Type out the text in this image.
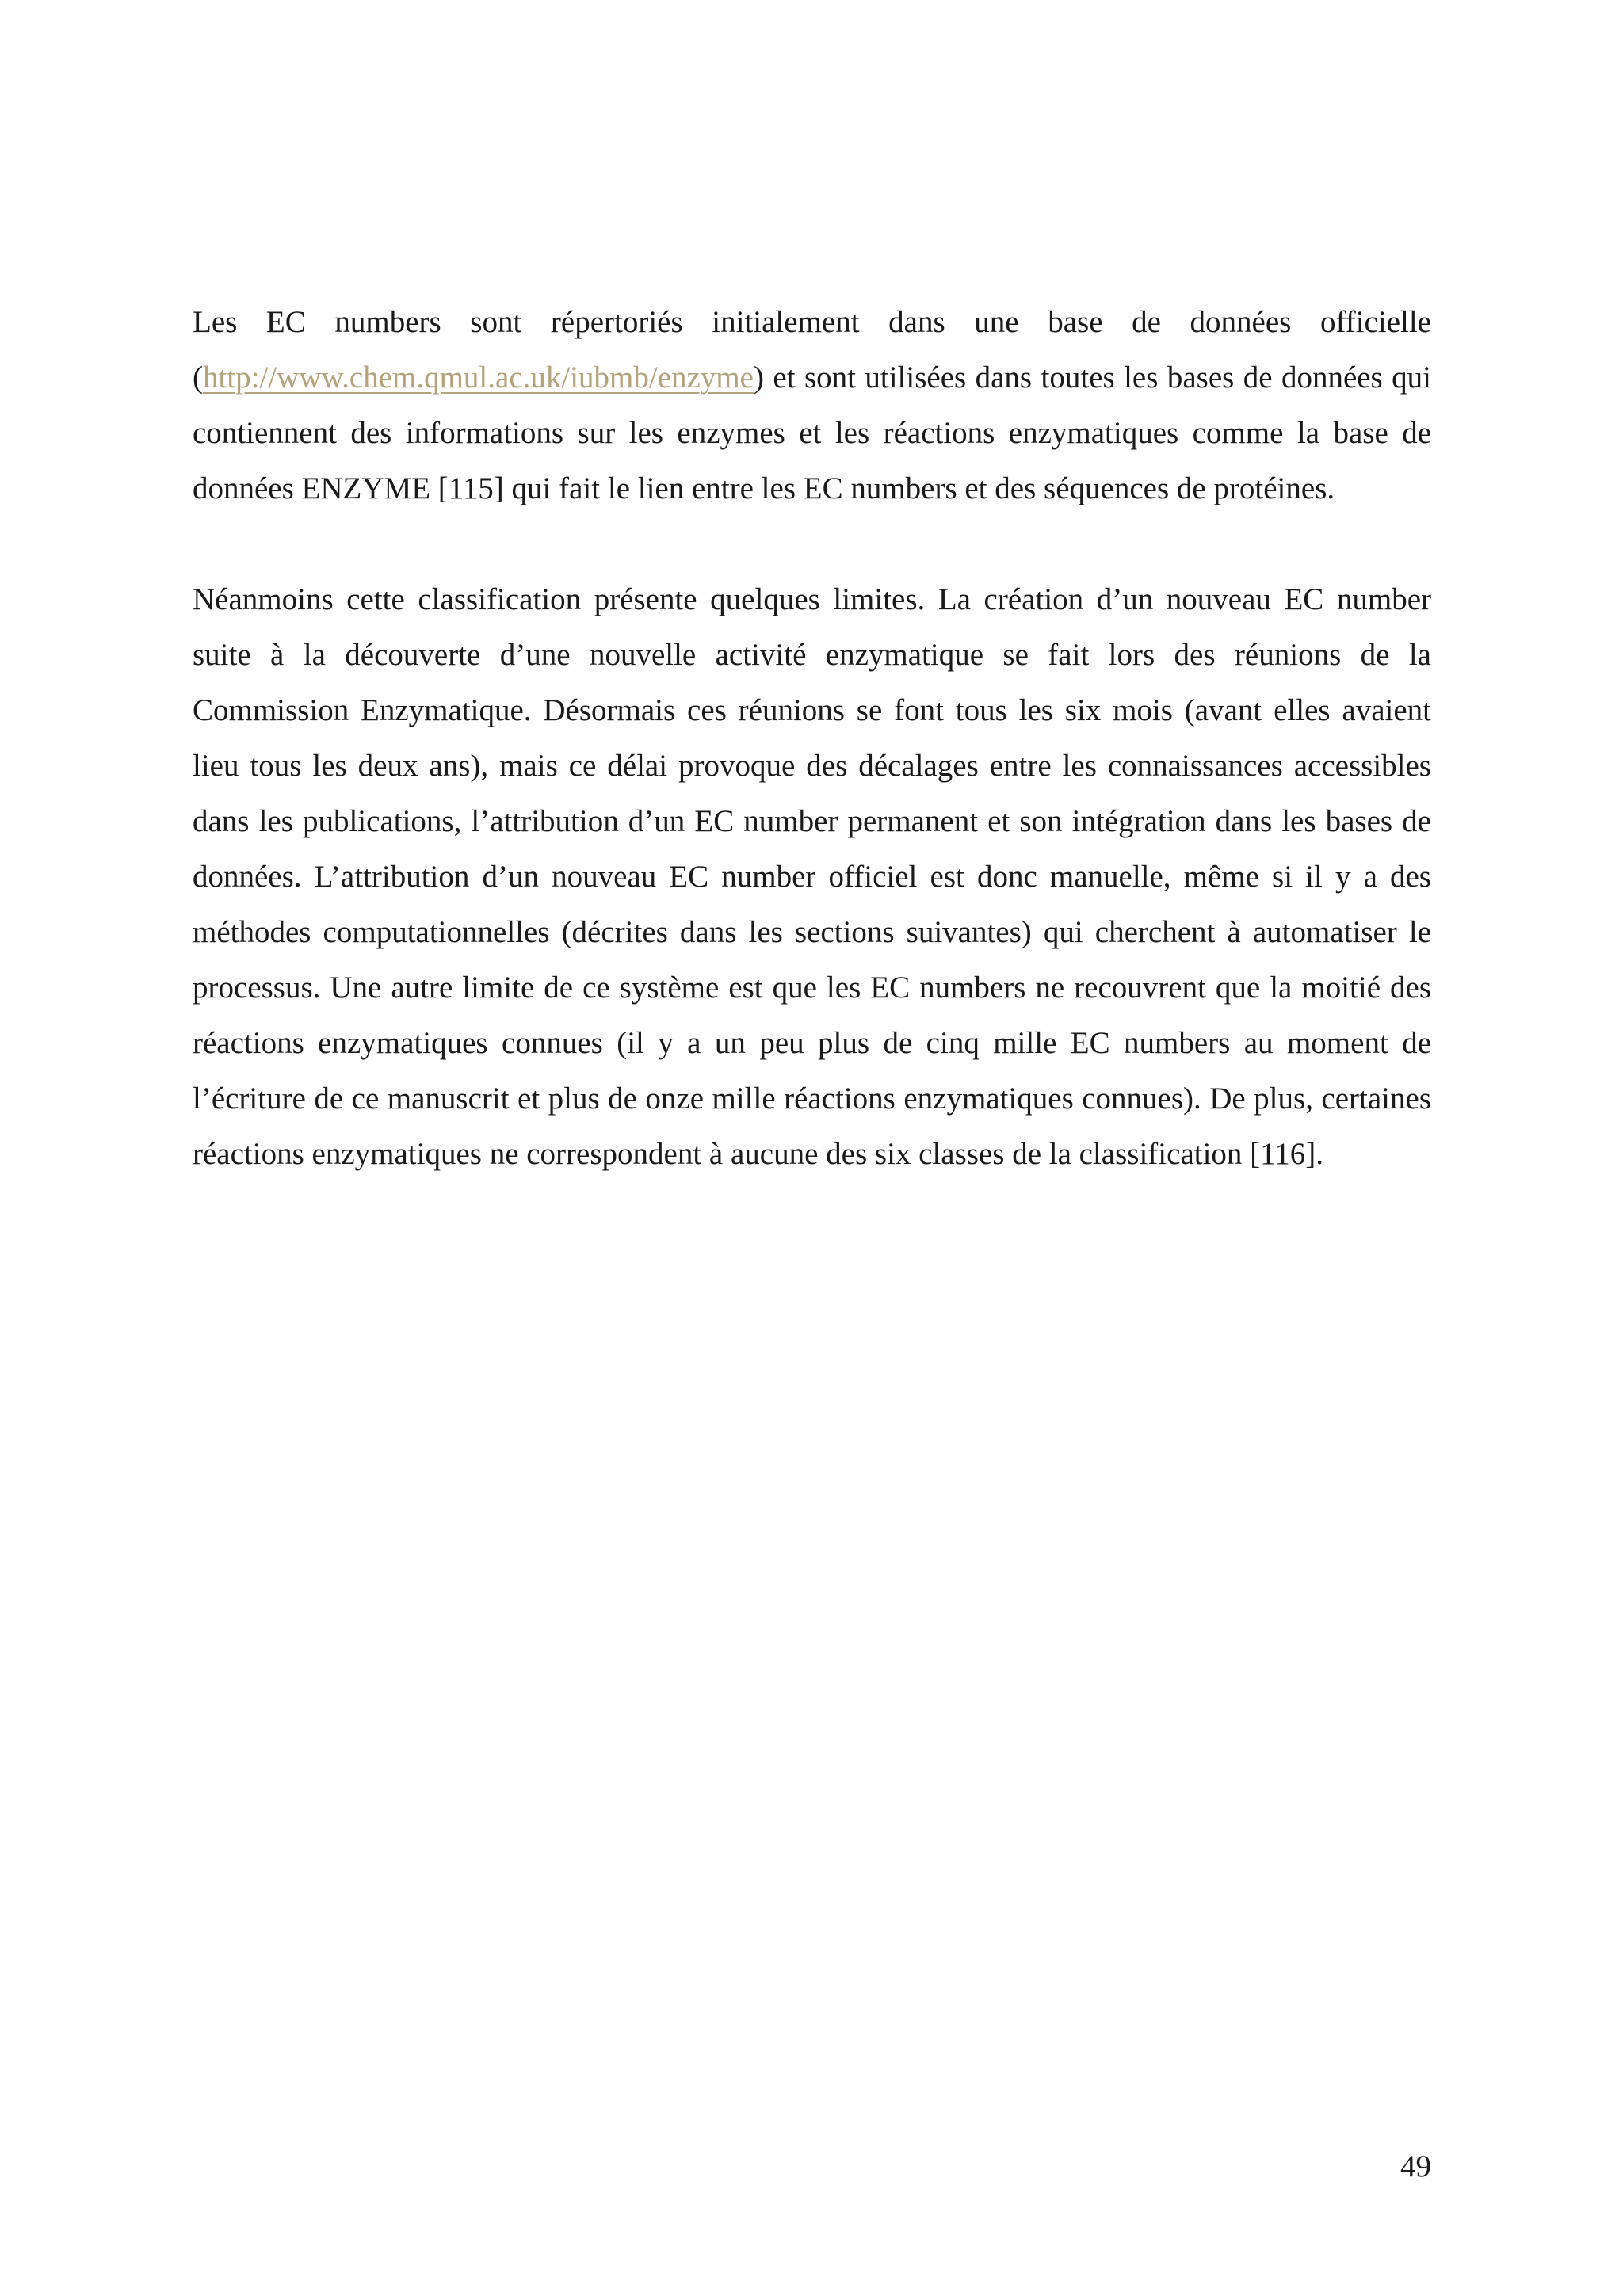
Les EC numbers sont répertoriés initialement dans une base de données officielle (http://www.chem.qmul.ac.uk/iubmb/enzyme) et sont utilisées dans toutes les bases de données qui contiennent des informations sur les enzymes et les réactions enzymatiques comme la base de données ENZYME [115] qui fait le lien entre les EC numbers et des séquences de protéines.

Néanmoins cette classification présente quelques limites. La création d’un nouveau EC number suite à la découverte d’une nouvelle activité enzymatique se fait lors des réunions de la Commission Enzymatique. Désormais ces réunions se font tous les six mois (avant elles avaient lieu tous les deux ans), mais ce délai provoque des décalages entre les connaissances accessibles dans les publications, l’attribution d’un EC number permanent et son intégration dans les bases de données. L’attribution d’un nouveau EC number officiel est donc manuelle, même si il y a des méthodes computationnelles (décrites dans les sections suivantes) qui cherchent à automatiser le processus. Une autre limite de ce système est que les EC numbers ne recouvrent que la moitié des réactions enzymatiques connues (il y a un peu plus de cinq mille EC numbers au moment de l’écriture de ce manuscrit et plus de onze mille réactions enzymatiques connues). De plus, certaines réactions enzymatiques ne correspondent à aucune des six classes de la classification [116].

49
